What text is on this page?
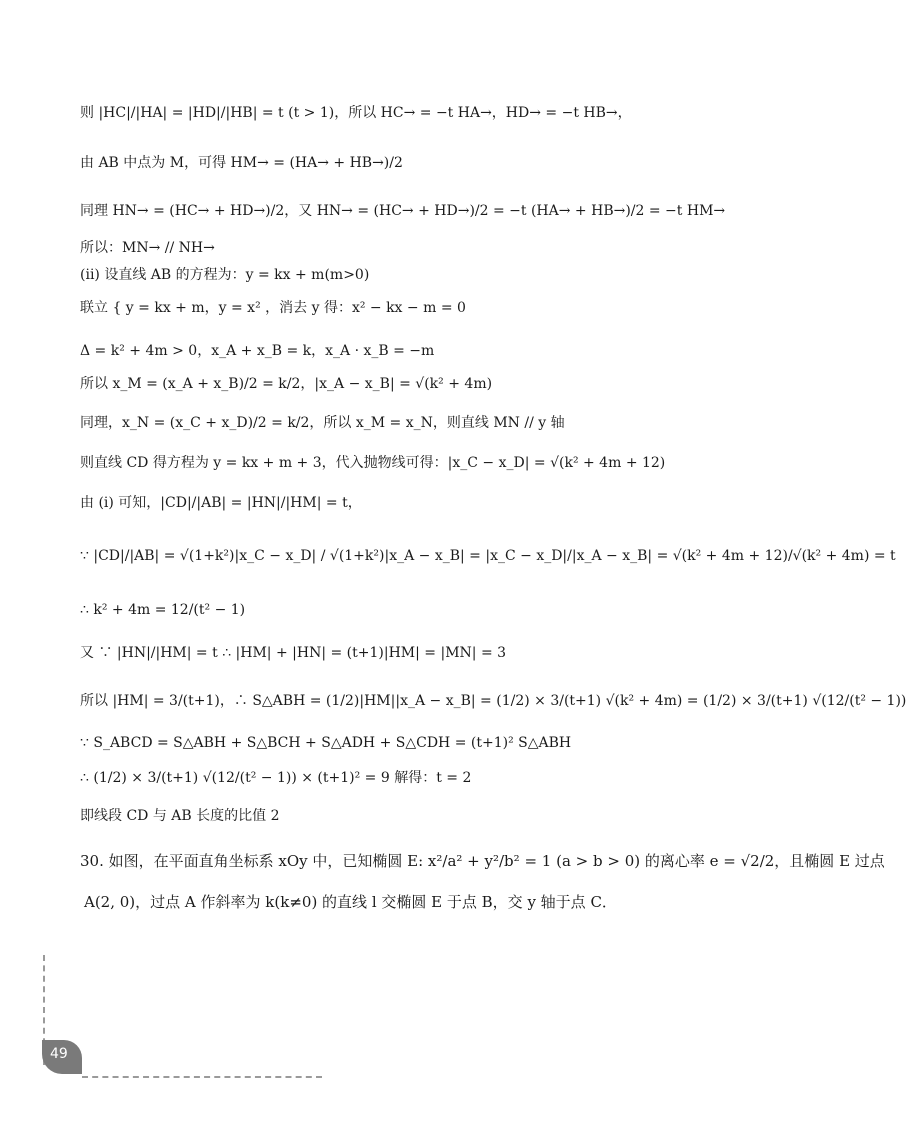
则 |HC|/|HA| = |HD|/|HB| = t (t > 1)，所以 HC→ = −t HA→，HD→ = −t HB→，
由 AB 中点为 M，可得 HM→ = (HA→ + HB→)/2
同理 HN→ = (HC→ + HD→)/2，又 HN→ = (HC→ + HD→)/2 = −t (HA→ + HB→)/2 = −t HM→
所以：MN→ // NH→
(ii) 设直线 AB 的方程为：y = kx + m(m>0)
联立 { y = kx + m，y = x² ，消去 y 得：x² − kx − m = 0
Δ = k² + 4m > 0，x_A + x_B = k，x_A · x_B = −m
所以 x_M = (x_A + x_B)/2 = k/2，|x_A − x_B| = √(k² + 4m)
同理，x_N = (x_C + x_D)/2 = k/2，所以 x_M = x_N，则直线 MN // y 轴
则直线 CD 得方程为 y = kx + m + 3，代入抛物线可得：|x_C − x_D| = √(k² + 4m + 12)
由 (i) 可知，|CD|/|AB| = |HN|/|HM| = t，
∵ |CD|/|AB| = √(1+k²)|x_C − x_D| / √(1+k²)|x_A − x_B| = |x_C − x_D|/|x_A − x_B| = √(k² + 4m + 12)/√(k² + 4m) = t
∴ k² + 4m = 12/(t² − 1)
又 ∵ |HN|/|HM| = t ∴ |HM| + |HN| = (t+1)|HM| = |MN| = 3
所以 |HM| = 3/(t+1)，∴ S△ABH = (1/2)|HM||x_A − x_B| = (1/2) × 3/(t+1) √(k² + 4m) = (1/2) × 3/(t+1) √(12/(t² − 1))
∵ S_ABCD = S△ABH + S△BCH + S△ADH + S△CDH = (t+1)² S△ABH
∴ (1/2) × 3/(t+1) √(12/(t² − 1)) × (t+1)² = 9 解得：t = 2
即线段 CD 与 AB 长度的比值 2
30. 如图，在平面直角坐标系 xOy 中，已知椭圆 E: x²/a² + y²/b² = 1 (a > b > 0) 的离心率 e = √2/2，且椭圆 E 过点
A(2, 0)，过点 A 作斜率为 k(k≠0) 的直线 l 交椭圆 E 于点 B，交 y 轴于点 C．
49
